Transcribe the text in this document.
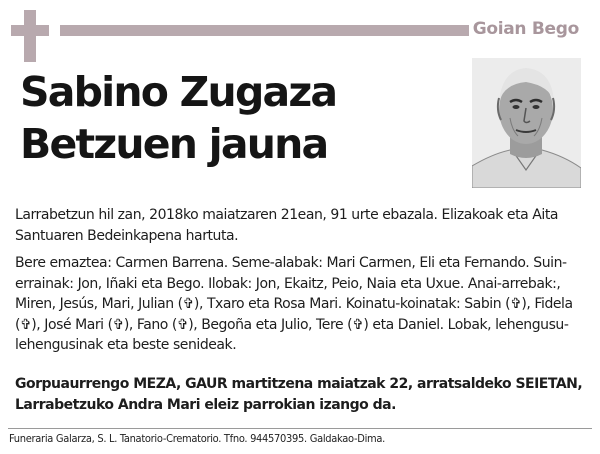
Goian Bego
Sabino Zugaza
Betzuen jauna
Larrabetzun hil zan, 2018ko maiatzaren 21ean, 91 urte ebazala. Elizakoak eta Aita Santuaren Bedeinkapena hartuta.
Bere emaztea: Carmen Barrena. Seme-alabak: Mari Carmen, Eli eta Fernando. Suin-errainak: Jon, Iñaki eta Bego. Ilobak: Jon, Ekaitz, Peio, Naia eta Uxue. Anai-arrebak:, Miren, Jesús, Mari, Julian (✞), Txaro eta Rosa Mari. Koinatu-koinatak: Sabin (✞), Fidela (✞), José Mari (✞), Fano (✞), Begoña eta Julio, Tere (✞) eta Daniel. Lobak, lehengusu-lehengusinak eta beste senideak.
Gorpuaurrengo MEZA, GAUR martitzena maiatzak 22, arratsaldeko SEIETAN, Larrabetzuko Andra Mari eleiz parrokian izango da.
Funeraria Galarza, S. L. Tanatorio-Crematorio. Tfno. 944570395. Galdakao-Dima.
